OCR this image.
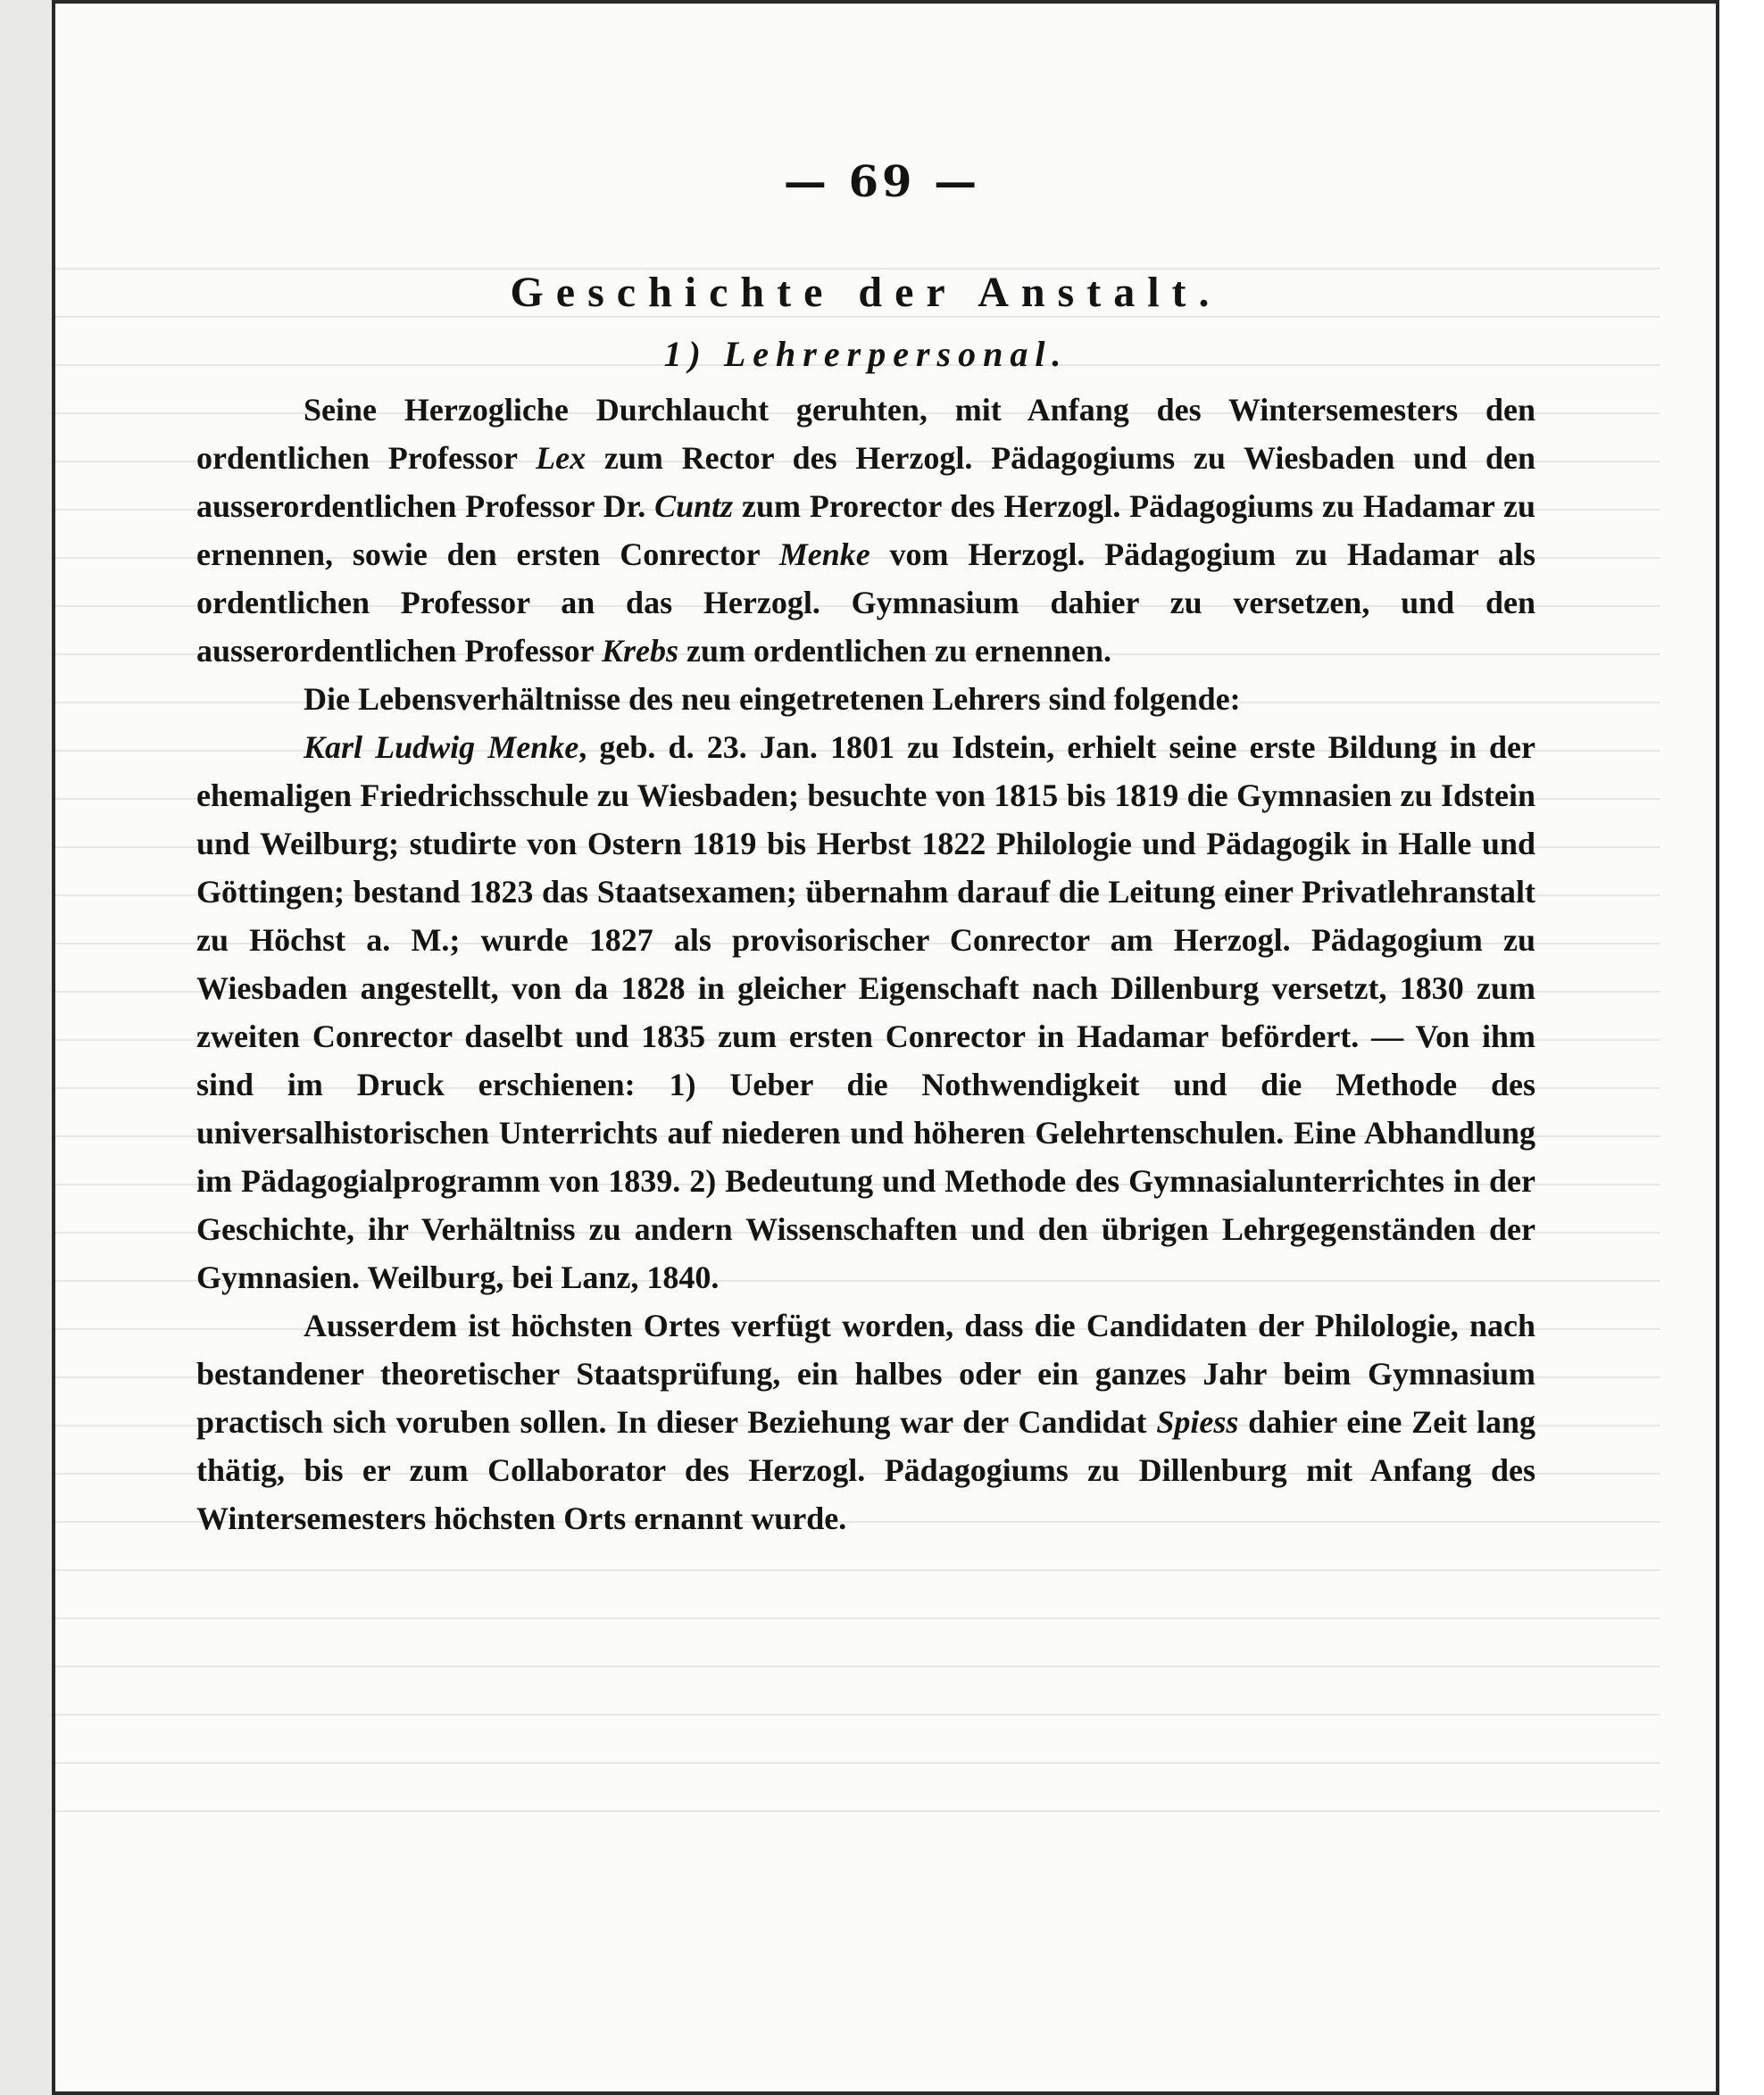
— 69 —
Geschichte der Anstalt.
1) Lehrerpersonal.

Seine Herzogliche Durchlaucht geruhten, mit Anfang des Wintersemesters den ordentlichen Professor Lex zum Rector des Herzogl. Pädagogiums zu Wiesbaden und den ausserordentlichen Professor Dr. Cuntz zum Prorector des Herzogl. Pädagogiums zu Hadamar zu ernennen, sowie den ersten Conrector Menke vom Herzogl. Pädagogium zu Hadamar als ordentlichen Professor an das Herzogl. Gymnasium dahier zu versetzen, und den ausserordentlichen Professor Krebs zum ordentlichen zu ernennen.

Die Lebensverhältnisse des neu eingetretenen Lehrers sind folgende:

Karl Ludwig Menke, geb. d. 23. Jan. 1801 zu Idstein, erhielt seine erste Bildung in der ehemaligen Friedrichsschule zu Wiesbaden; besuchte von 1815 bis 1819 die Gymnasien zu Idstein und Weilburg; studirte von Ostern 1819 bis Herbst 1822 Philologie und Pädagogik in Halle und Göttingen; bestand 1823 das Staatsexamen; übernahm darauf die Leitung einer Privatlehranstalt zu Höchst a. M.; wurde 1827 als provisorischer Conrector am Herzogl. Pädagogium zu Wiesbaden angestellt, von da 1828 in gleicher Eigenschaft nach Dillenburg versetzt, 1830 zum zweiten Conrector daselbt und 1835 zum ersten Conrector in Hadamar befördert. — Von ihm sind im Druck erschienen: 1) Ueber die Nothwendigkeit und die Methode des universalhistorischen Unterrichts auf niederen und höheren Gelehrtenschulen. Eine Abhandlung im Pädagogialprogramm von 1839. 2) Bedeutung und Methode des Gymnasialunterrichtes in der Geschichte, ihr Verhältniss zu andern Wissenschaften und den übrigen Lehrgegenständen der Gymnasien. Weilburg, bei Lanz, 1840.

Ausserdem ist höchsten Ortes verfügt worden, dass die Candidaten der Philologie, nach bestandener theoretischer Staatsprüfung, ein halbes oder ein ganzes Jahr beim Gymnasium practisch sich voruben sollen. In dieser Beziehung war der Candidat Spiess dahier eine Zeit lang thätig, bis er zum Collaborator des Herzogl. Pädagogiums zu Dillenburg mit Anfang des Wintersemesters höchsten Orts ernannt wurde.
